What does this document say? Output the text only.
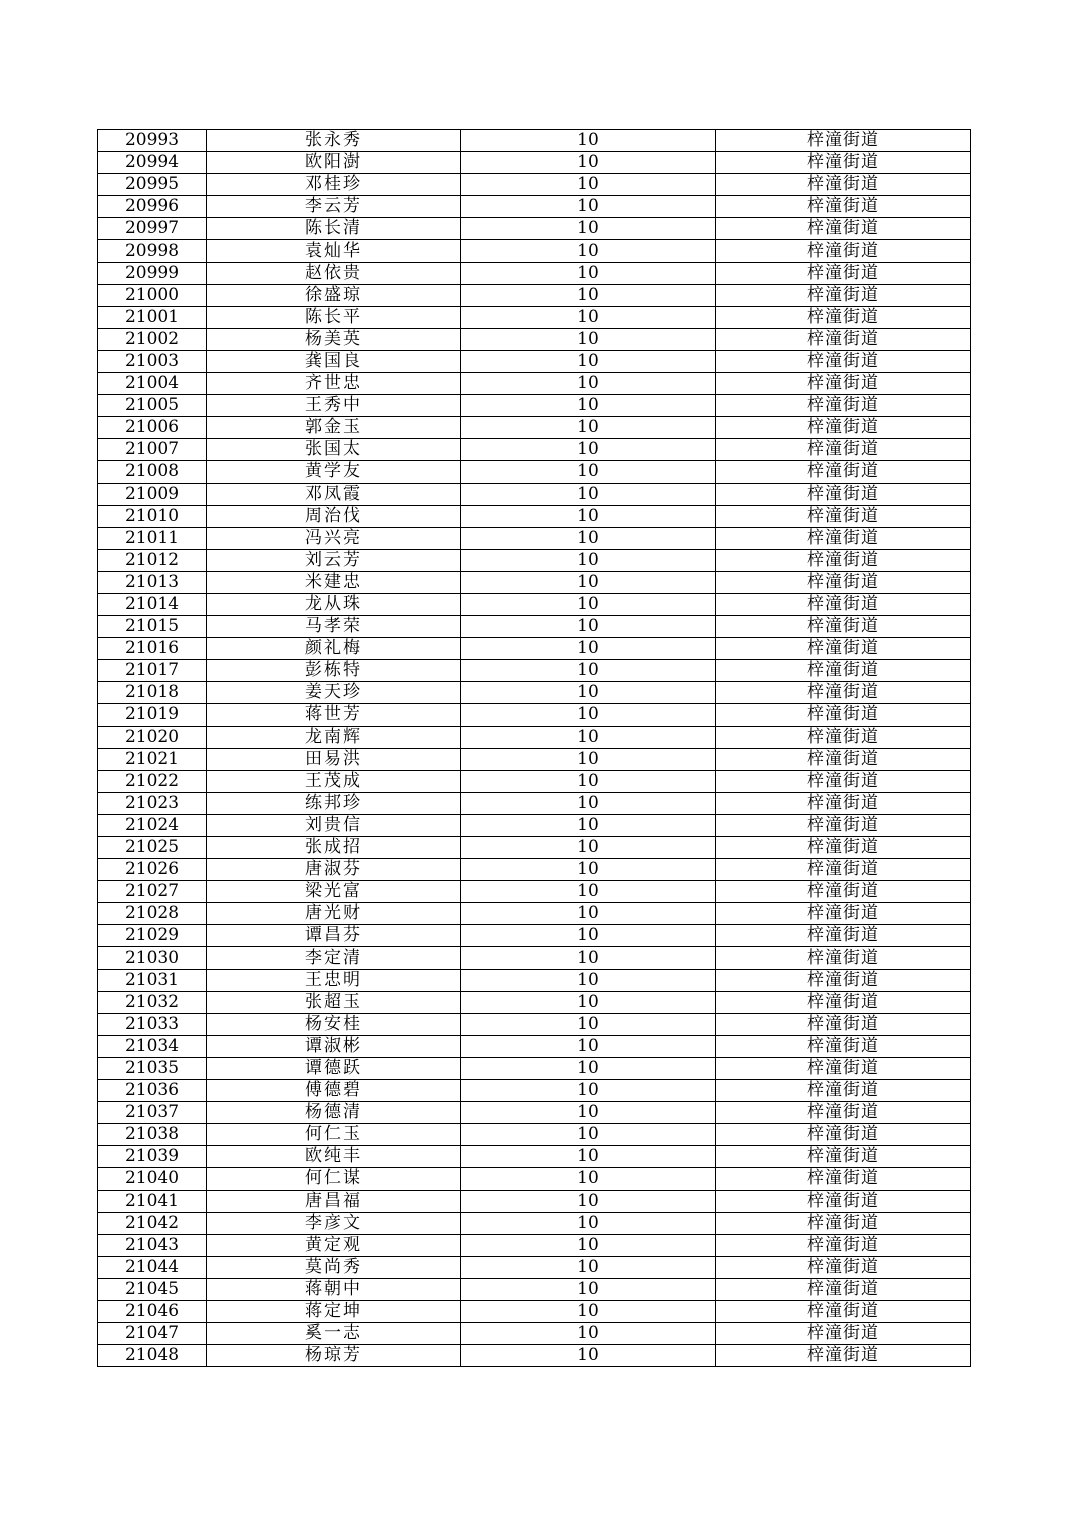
20993	张永秀	10	梓潼街道
20994	欧阳澍	10	梓潼街道
20995	邓桂珍	10	梓潼街道
20996	李云芳	10	梓潼街道
20997	陈长清	10	梓潼街道
20998	袁灿华	10	梓潼街道
20999	赵依贵	10	梓潼街道
21000	徐盛琼	10	梓潼街道
21001	陈长平	10	梓潼街道
21002	杨美英	10	梓潼街道
21003	龚国良	10	梓潼街道
21004	齐世忠	10	梓潼街道
21005	王秀中	10	梓潼街道
21006	郭金玉	10	梓潼街道
21007	张国太	10	梓潼街道
21008	黄学友	10	梓潼街道
21009	邓凤霞	10	梓潼街道
21010	周治伐	10	梓潼街道
21011	冯兴亮	10	梓潼街道
21012	刘云芳	10	梓潼街道
21013	米建忠	10	梓潼街道
21014	龙从珠	10	梓潼街道
21015	马孝荣	10	梓潼街道
21016	颜礼梅	10	梓潼街道
21017	彭栋特	10	梓潼街道
21018	姜天珍	10	梓潼街道
21019	蒋世芳	10	梓潼街道
21020	龙南辉	10	梓潼街道
21021	田易洪	10	梓潼街道
21022	王茂成	10	梓潼街道
21023	练邦珍	10	梓潼街道
21024	刘贵信	10	梓潼街道
21025	张成招	10	梓潼街道
21026	唐淑芬	10	梓潼街道
21027	梁光富	10	梓潼街道
21028	唐光财	10	梓潼街道
21029	谭昌芬	10	梓潼街道
21030	李定清	10	梓潼街道
21031	王忠明	10	梓潼街道
21032	张超玉	10	梓潼街道
21033	杨安桂	10	梓潼街道
21034	谭淑彬	10	梓潼街道
21035	谭德跃	10	梓潼街道
21036	傅德碧	10	梓潼街道
21037	杨德清	10	梓潼街道
21038	何仁玉	10	梓潼街道
21039	欧纯丰	10	梓潼街道
21040	何仁谋	10	梓潼街道
21041	唐昌福	10	梓潼街道
21042	李彦文	10	梓潼街道
21043	黄定观	10	梓潼街道
21044	莫尚秀	10	梓潼街道
21045	蒋朝中	10	梓潼街道
21046	蒋定坤	10	梓潼街道
21047	奚一志	10	梓潼街道
21048	杨琼芳	10	梓潼街道
